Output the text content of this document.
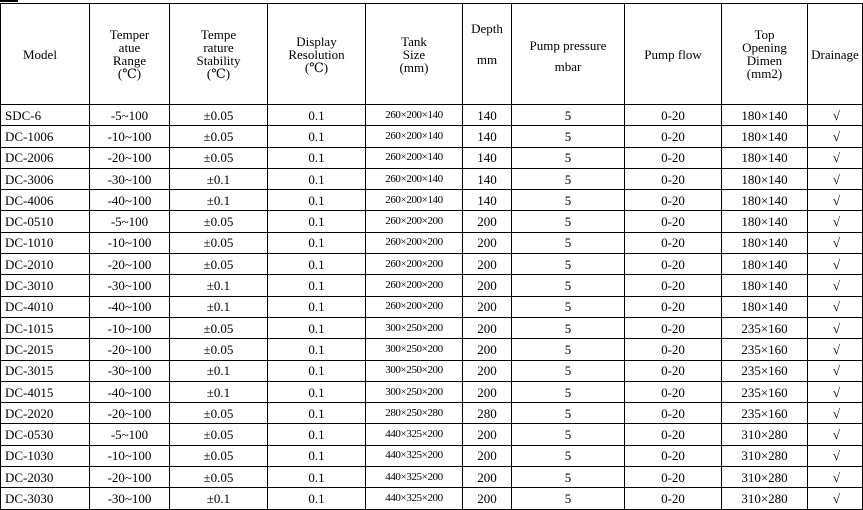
Model	Temper
atue
Range
(℃)	Tempe
rature
Stability
(℃)	Display
Resolution
(℃)	Tank
Size
(mm)	Depth
mm	Pump pressure
mbar	Pump flow	Top
Opening
Dimen
(mm2)	Drainage
SDC-6	-5~100	±0.05	0.1	260×200×140	140	5	0-20	180×140	√
DC-1006	-10~100	±0.05	0.1	260×200×140	140	5	0-20	180×140	√
DC-2006	-20~100	±0.05	0.1	260×200×140	140	5	0-20	180×140	√
DC-3006	-30~100	±0.1	0.1	260×200×140	140	5	0-20	180×140	√
DC-4006	-40~100	±0.1	0.1	260×200×140	140	5	0-20	180×140	√
DC-0510	-5~100	±0.05	0.1	260×200×200	200	5	0-20	180×140	√
DC-1010	-10~100	±0.05	0.1	260×200×200	200	5	0-20	180×140	√
DC-2010	-20~100	±0.05	0.1	260×200×200	200	5	0-20	180×140	√
DC-3010	-30~100	±0.1	0.1	260×200×200	200	5	0-20	180×140	√
DC-4010	-40~100	±0.1	0.1	260×200×200	200	5	0-20	180×140	√
DC-1015	-10~100	±0.05	0.1	300×250×200	200	5	0-20	235×160	√
DC-2015	-20~100	±0.05	0.1	300×250×200	200	5	0-20	235×160	√
DC-3015	-30~100	±0.1	0.1	300×250×200	200	5	0-20	235×160	√
DC-4015	-40~100	±0.1	0.1	300×250×200	200	5	0-20	235×160	√
DC-2020	-20~100	±0.05	0.1	280×250×280	280	5	0-20	235×160	√
DC-0530	-5~100	±0.05	0.1	440×325×200	200	5	0-20	310×280	√
DC-1030	-10~100	±0.05	0.1	440×325×200	200	5	0-20	310×280	√
DC-2030	-20~100	±0.05	0.1	440×325×200	200	5	0-20	310×280	√
DC-3030	-30~100	±0.1	0.1	440×325×200	200	5	0-20	310×280	√
